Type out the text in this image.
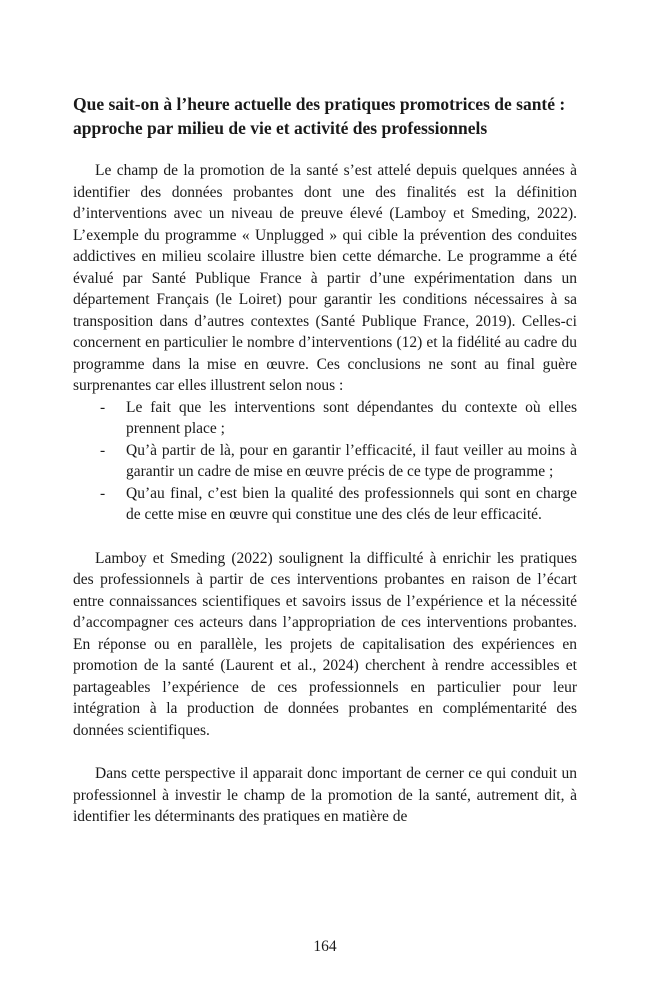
Que sait-on à l’heure actuelle des pratiques promotrices de santé : approche par milieu de vie et activité des professionnels

Le champ de la promotion de la santé s’est attelé depuis quelques années à identifier des données probantes dont une des finalités est la définition d’interventions avec un niveau de preuve élevé (Lamboy et Smeding, 2022). L’exemple du programme « Unplugged » qui cible la prévention des conduites addictives en milieu scolaire illustre bien cette démarche. Le programme a été évalué par Santé Publique France à partir d’une expérimentation dans un département Français (le Loiret) pour garantir les conditions nécessaires à sa transposition dans d’autres contextes (Santé Publique France, 2019). Celles-ci concernent en particulier le nombre d’interventions (12) et la fidélité au cadre du programme dans la mise en œuvre. Ces conclusions ne sont au final guère surprenantes car elles illustrent selon nous :

- Le fait que les interventions sont dépendantes du contexte où elles prennent place ;
- Qu’à partir de là, pour en garantir l’efficacité, il faut veiller au moins à garantir un cadre de mise en œuvre précis de ce type de programme ;
- Qu’au final, c’est bien la qualité des professionnels qui sont en charge de cette mise en œuvre qui constitue une des clés de leur efficacité.

Lamboy et Smeding (2022) soulignent la difficulté à enrichir les pratiques des professionnels à partir de ces interventions probantes en raison de l’écart entre connaissances scientifiques et savoirs issus de l’expérience et la nécessité d’accompagner ces acteurs dans l’appropriation de ces interventions probantes. En réponse ou en parallèle, les projets de capitalisation des expériences en promotion de la santé (Laurent et al., 2024) cherchent à rendre accessibles et partageables l’expérience de ces professionnels en particulier pour leur intégration à la production de données probantes en complémentarité des données scientifiques.

Dans cette perspective il apparait donc important de cerner ce qui conduit un professionnel à investir le champ de la promotion de la santé, autrement dit, à identifier les déterminants des pratiques en matière de

164
